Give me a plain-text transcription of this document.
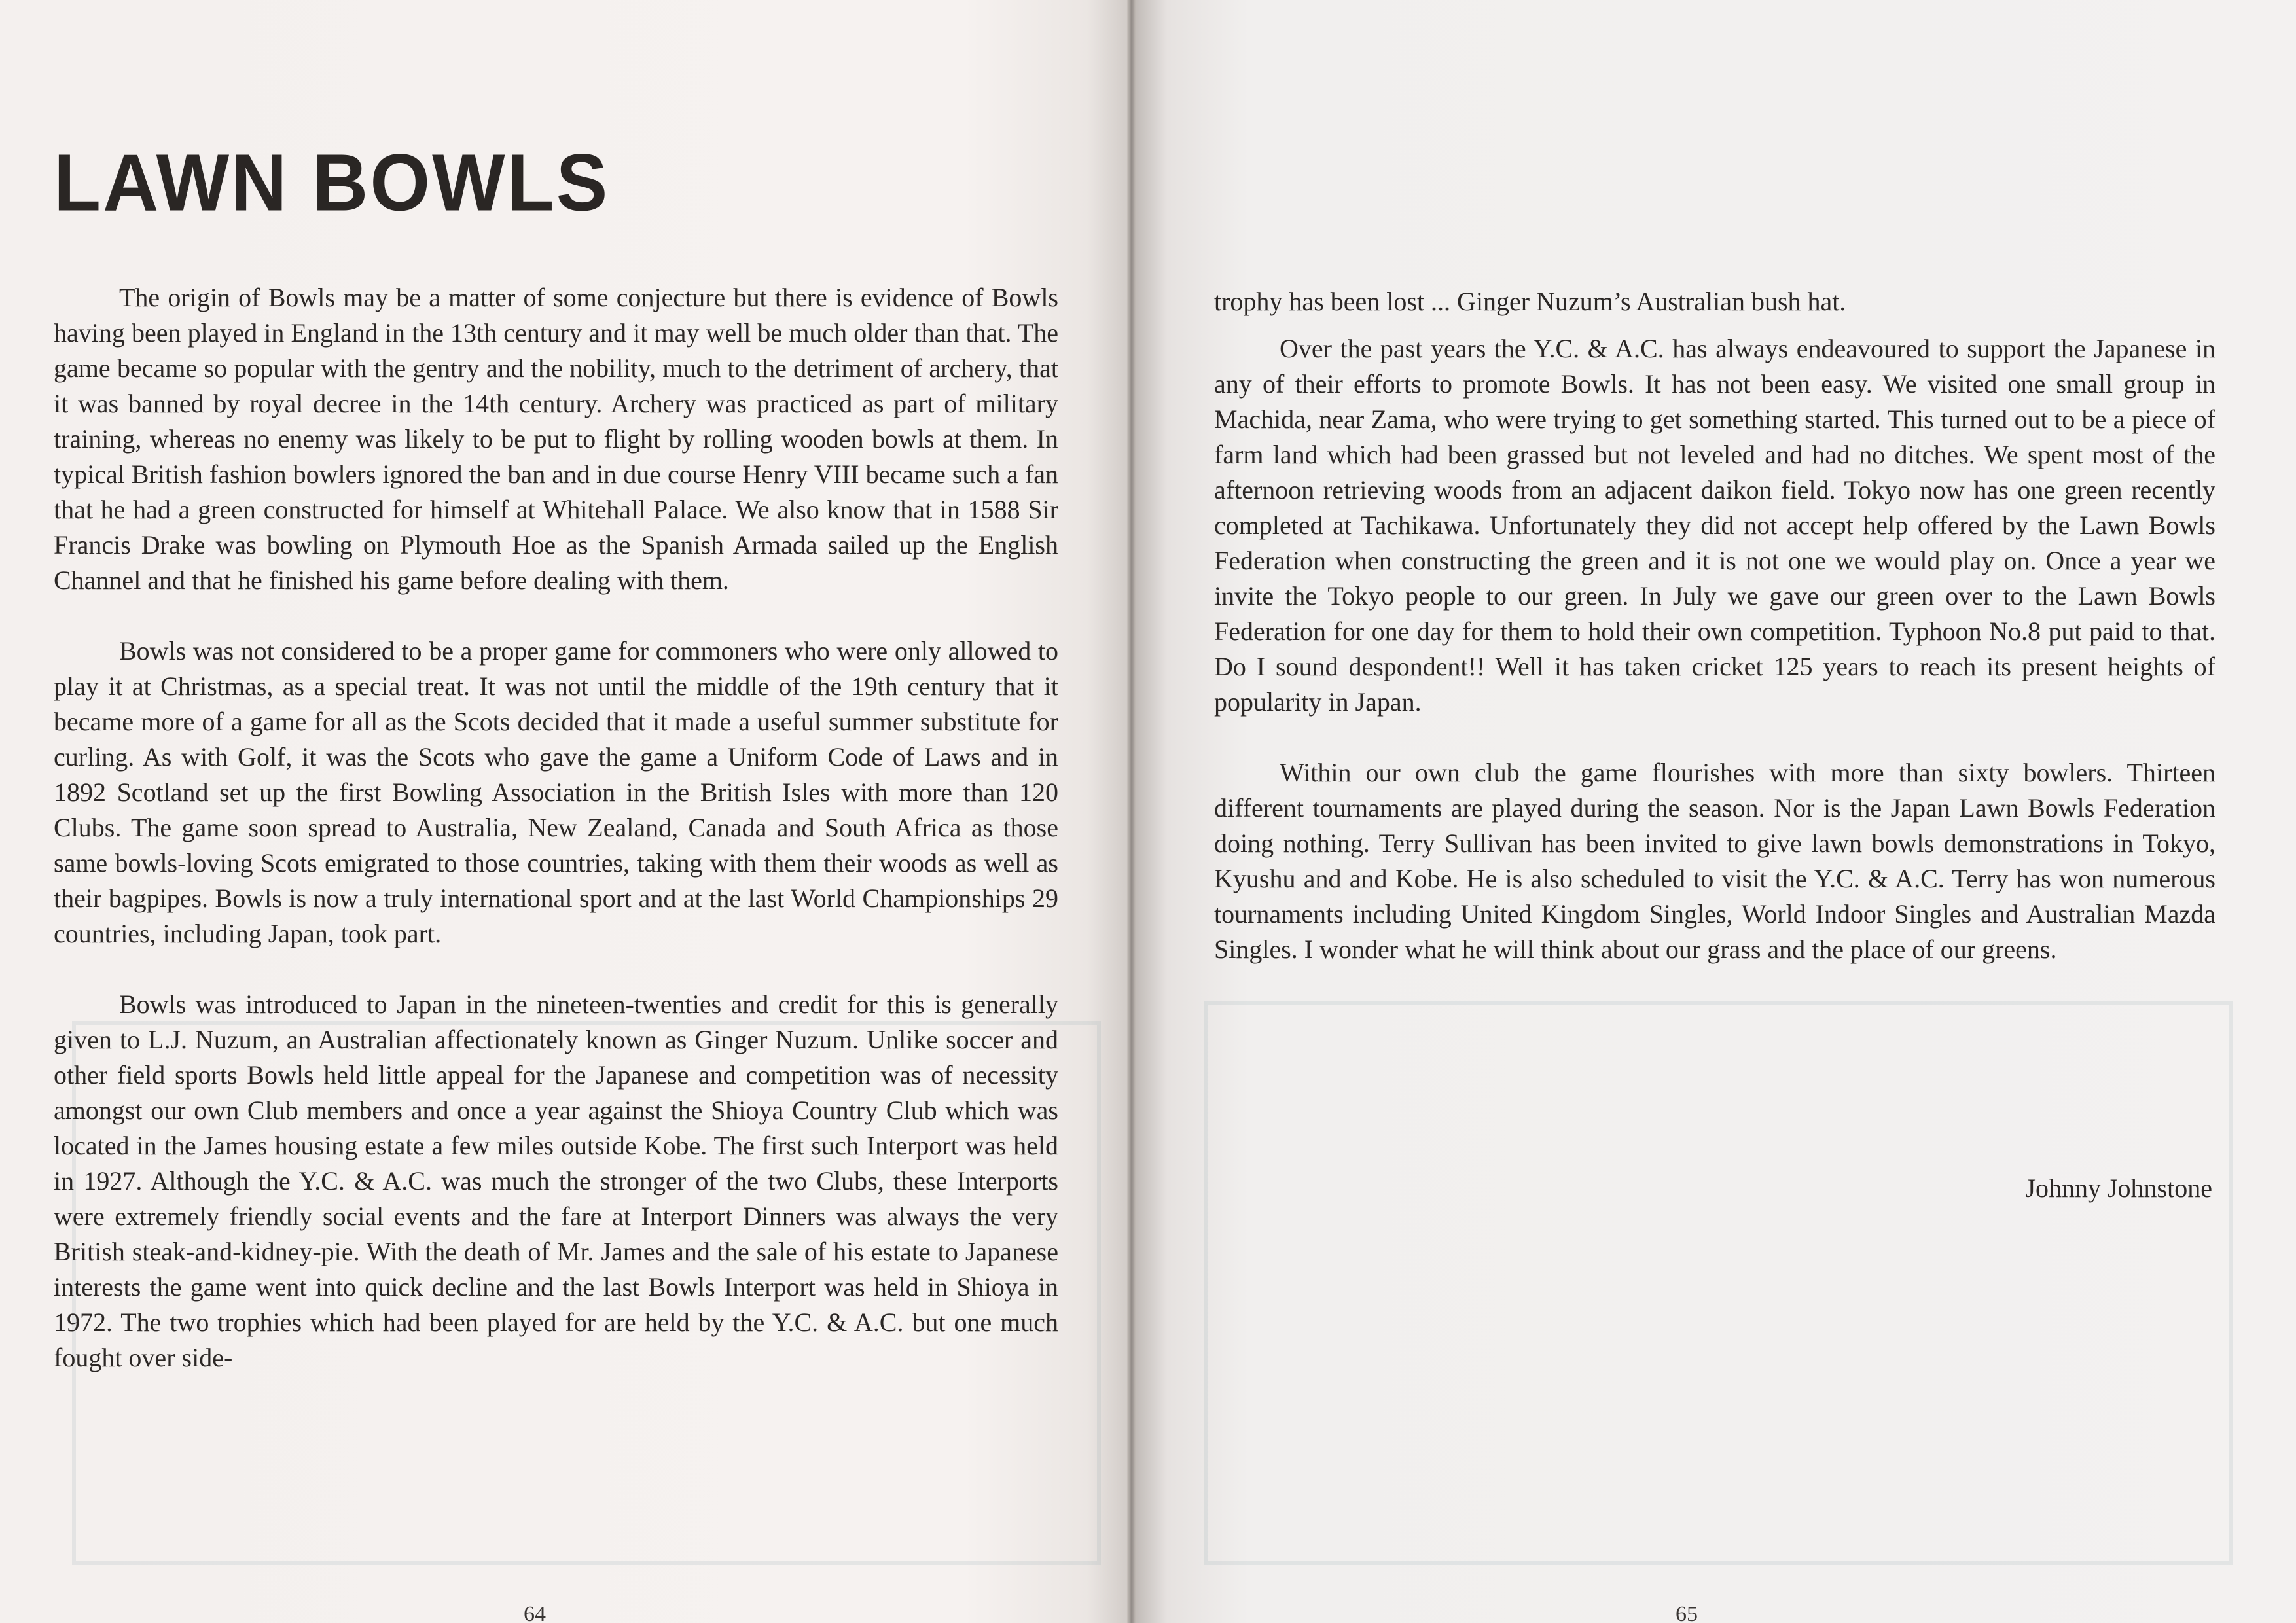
LAWN BOWLS

The origin of Bowls may be a matter of some conjecture but there is evidence of Bowls having been played in England in the 13th century and it may well be much older than that. The game became so popular with the gentry and the nobility, much to the detriment of archery, that it was banned by royal decree in the 14th century. Archery was practiced as part of military training, whereas no enemy was likely to be put to flight by rolling wooden bowls at them. In typical British fashion bowlers ignored the ban and in due course Henry VIII became such a fan that he had a green constructed for himself at Whitehall Palace. We also know that in 1588 Sir Francis Drake was bowling on Plymouth Hoe as the Spanish Armada sailed up the English Channel and that he finished his game before dealing with them.

Bowls was not considered to be a proper game for commoners who were only allowed to play it at Christmas, as a special treat. It was not until the middle of the 19th century that it became more of a game for all as the Scots decided that it made a useful summer substitute for curling. As with Golf, it was the Scots who gave the game a Uniform Code of Laws and in 1892 Scotland set up the first Bowling Association in the British Isles with more than 120 Clubs. The game soon spread to Australia, New Zealand, Canada and South Africa as those same bowls-loving Scots emigrated to those countries, taking with them their woods as well as their bagpipes. Bowls is now a truly international sport and at the last World Championships 29 countries, including Japan, took part.

Bowls was introduced to Japan in the nineteen-twenties and credit for this is generally given to L.J. Nuzum, an Australian affectionately known as Ginger Nuzum. Unlike soccer and other field sports Bowls held little appeal for the Japanese and competition was of necessity amongst our own Club members and once a year against the Shioya Country Club which was located in the James housing estate a few miles outside Kobe. The first such Interport was held in 1927. Although the Y.C. & A.C. was much the stronger of the two Clubs, these Interports were extremely friendly social events and the fare at Interport Dinners was always the very British steak-and-kidney-pie. With the death of Mr. James and the sale of his estate to Japanese interests the game went into quick decline and the last Bowls Interport was held in Shioya in 1972. The two trophies which had been played for are held by the Y.C. & A.C. but one much fought over side-

64

trophy has been lost ... Ginger Nuzum’s Australian bush hat.

Over the past years the Y.C. & A.C. has always endeavoured to support the Japanese in any of their efforts to promote Bowls. It has not been easy. We visited one small group in Machida, near Zama, who were trying to get something started. This turned out to be a piece of farm land which had been grassed but not leveled and had no ditches. We spent most of the afternoon retrieving woods from an adjacent daikon field. Tokyo now has one green recently completed at Tachikawa. Unfortunately they did not accept help offered by the Lawn Bowls Federation when constructing the green and it is not one we would play on. Once a year we invite the Tokyo people to our green. In July we gave our green over to the Lawn Bowls Federation for one day for them to hold their own competition. Typhoon No.8 put paid to that. Do I sound despondent!! Well it has taken cricket 125 years to reach its present heights of popularity in Japan.

Within our own club the game flourishes with more than sixty bowlers. Thirteen different tournaments are played during the season. Nor is the Japan Lawn Bowls Federation doing nothing. Terry Sullivan has been invited to give lawn bowls demonstrations in Tokyo, Kyushu and and Kobe. He is also scheduled to visit the Y.C. & A.C. Terry has won numerous tournaments including United Kingdom Singles, World Indoor Singles and Australian Mazda Singles. I wonder what he will think about our grass and the place of our greens.

Johnny Johnstone
65
